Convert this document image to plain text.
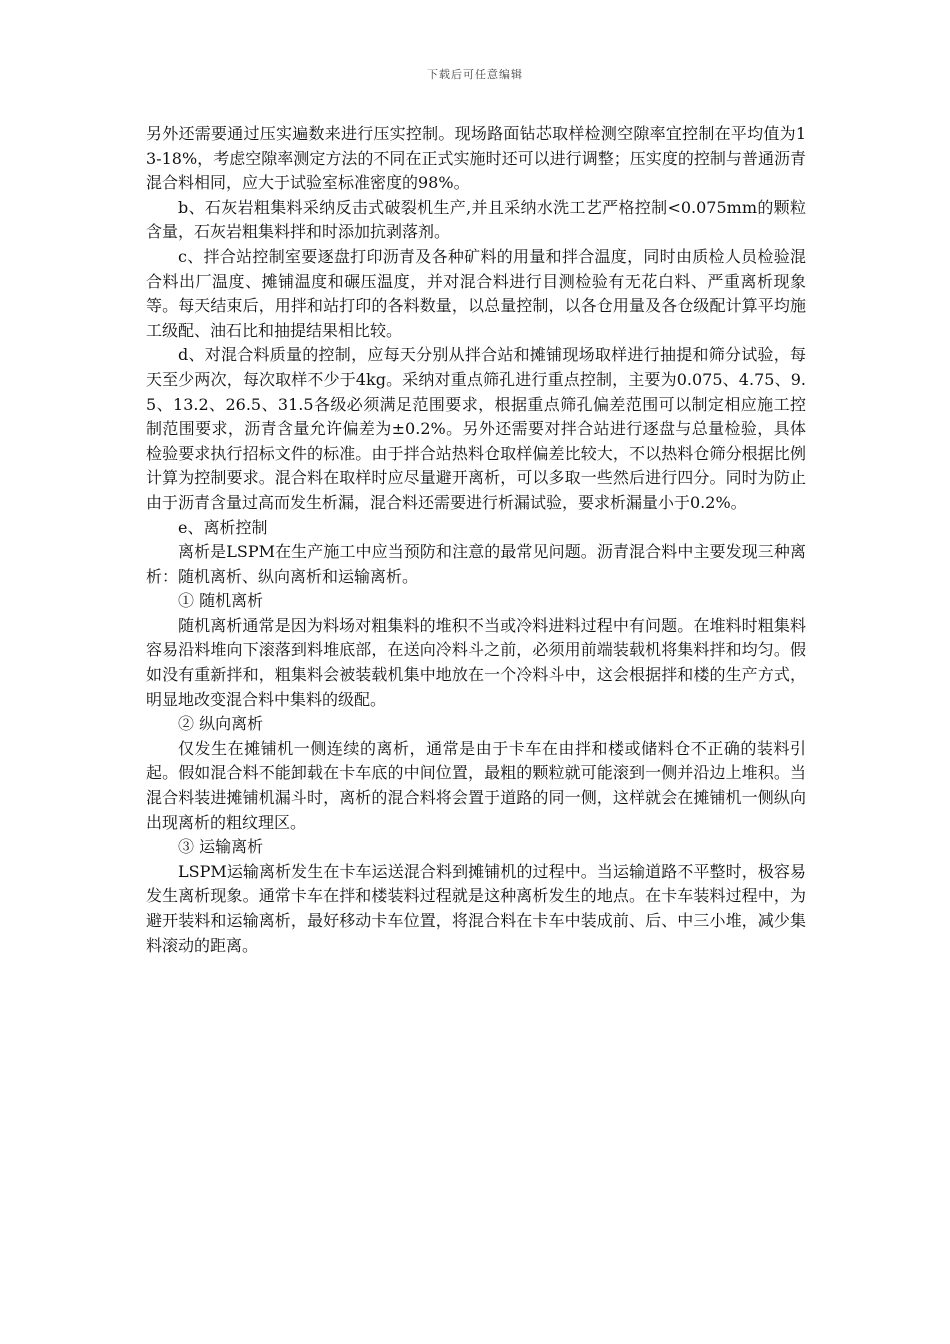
下载后可任意编辑

另外还需要通过压实遍数来进行压实控制。现场路面钻芯取样检测空隙率宜控制在平均值为13-18%，考虑空隙率测定方法的不同在正式实施时还可以进行调整；压实度的控制与普通沥青混合料相同，应大于试验室标准密度的98%。

b、石灰岩粗集料采纳反击式破裂机生产,并且采纳水洗工艺严格控制<0.075mm的颗粒含量，石灰岩粗集料拌和时添加抗剥落剂。

c、拌合站控制室要逐盘打印沥青及各种矿料的用量和拌合温度，同时由质检人员检验混合料出厂温度、摊铺温度和碾压温度，并对混合料进行目测检验有无花白料、严重离析现象等。每天结束后，用拌和站打印的各料数量，以总量控制，以各仓用量及各仓级配计算平均施工级配、油石比和抽提结果相比较。

d、对混合料质量的控制，应每天分别从拌合站和摊铺现场取样进行抽提和筛分试验，每天至少两次，每次取样不少于4kg。采纳对重点筛孔进行重点控制，主要为0.075、4.75、9.5、13.2、26.5、31.5各级必须满足范围要求，根据重点筛孔偏差范围可以制定相应施工控制范围要求，沥青含量允许偏差为±0.2%。另外还需要对拌合站进行逐盘与总量检验，具体检验要求执行招标文件的标准。由于拌合站热料仓取样偏差比较大，不以热料仓筛分根据比例计算为控制要求。混合料在取样时应尽量避开离析，可以多取一些然后进行四分。同时为防止由于沥青含量过高而发生析漏，混合料还需要进行析漏试验，要求析漏量小于0.2%。

e、离析控制

离析是LSPM在生产施工中应当预防和注意的最常见问题。沥青混合料中主要发现三种离析：随机离析、纵向离析和运输离析。

① 随机离析

随机离析通常是因为料场对粗集料的堆积不当或冷料进料过程中有问题。在堆料时粗集料容易沿料堆向下滚落到料堆底部，在送向冷料斗之前，必须用前端装载机将集料拌和均匀。假如没有重新拌和，粗集料会被装载机集中地放在一个冷料斗中，这会根据拌和楼的生产方式，明显地改变混合料中集料的级配。

② 纵向离析

仅发生在摊铺机一侧连续的离析，通常是由于卡车在由拌和楼或储料仓不正确的装料引起。假如混合料不能卸载在卡车底的中间位置，最粗的颗粒就可能滚到一侧并沿边上堆积。当混合料装进摊铺机漏斗时，离析的混合料将会置于道路的同一侧，这样就会在摊铺机一侧纵向出现离析的粗纹理区。

③ 运输离析

LSPM运输离析发生在卡车运送混合料到摊铺机的过程中。当运输道路不平整时，极容易发生离析现象。通常卡车在拌和楼装料过程就是这种离析发生的地点。在卡车装料过程中，为避开装料和运输离析，最好移动卡车位置，将混合料在卡车中装成前、后、中三小堆，减少集料滚动的距离。
